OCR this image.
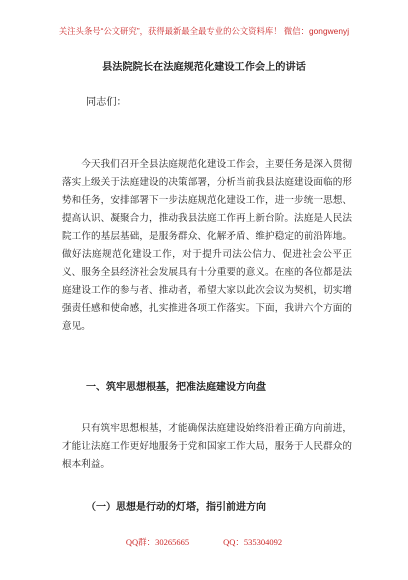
关注头条号“公文研究”，获得最新最全最专业的公文资料库！ 微信：gongwenyj
县法院院长在法庭规范化建设工作会上的讲话
同志们：

今天我们召开全县法庭规范化建设工作会，主要任务是深入贯彻落实上级关于法庭建设的决策部署，分析当前我县法庭建设面临的形势和任务，安排部署下一步法庭规范化建设工作，进一步统一思想、提高认识、凝聚合力，推动我县法庭工作再上新台阶。法庭是人民法院工作的基层基础，是服务群众、化解矛盾、维护稳定的前沿阵地。做好法庭规范化建设工作，对于提升司法公信力、促进社会公平正义、服务全县经济社会发展具有十分重要的意义。在座的各位都是法庭建设工作的参与者、推动者，希望大家以此次会议为契机，切实增强责任感和使命感，扎实推进各项工作落实。下面，我讲六个方面的意见。

一、筑牢思想根基，把准法庭建设方向盘

只有筑牢思想根基，才能确保法庭建设始终沿着正确方向前进，才能让法庭工作更好地服务于党和国家工作大局，服务于人民群众的根本利益。

（一）思想是行动的灯塔，指引前进方向
QQ群：30265665	QQ：535304092
